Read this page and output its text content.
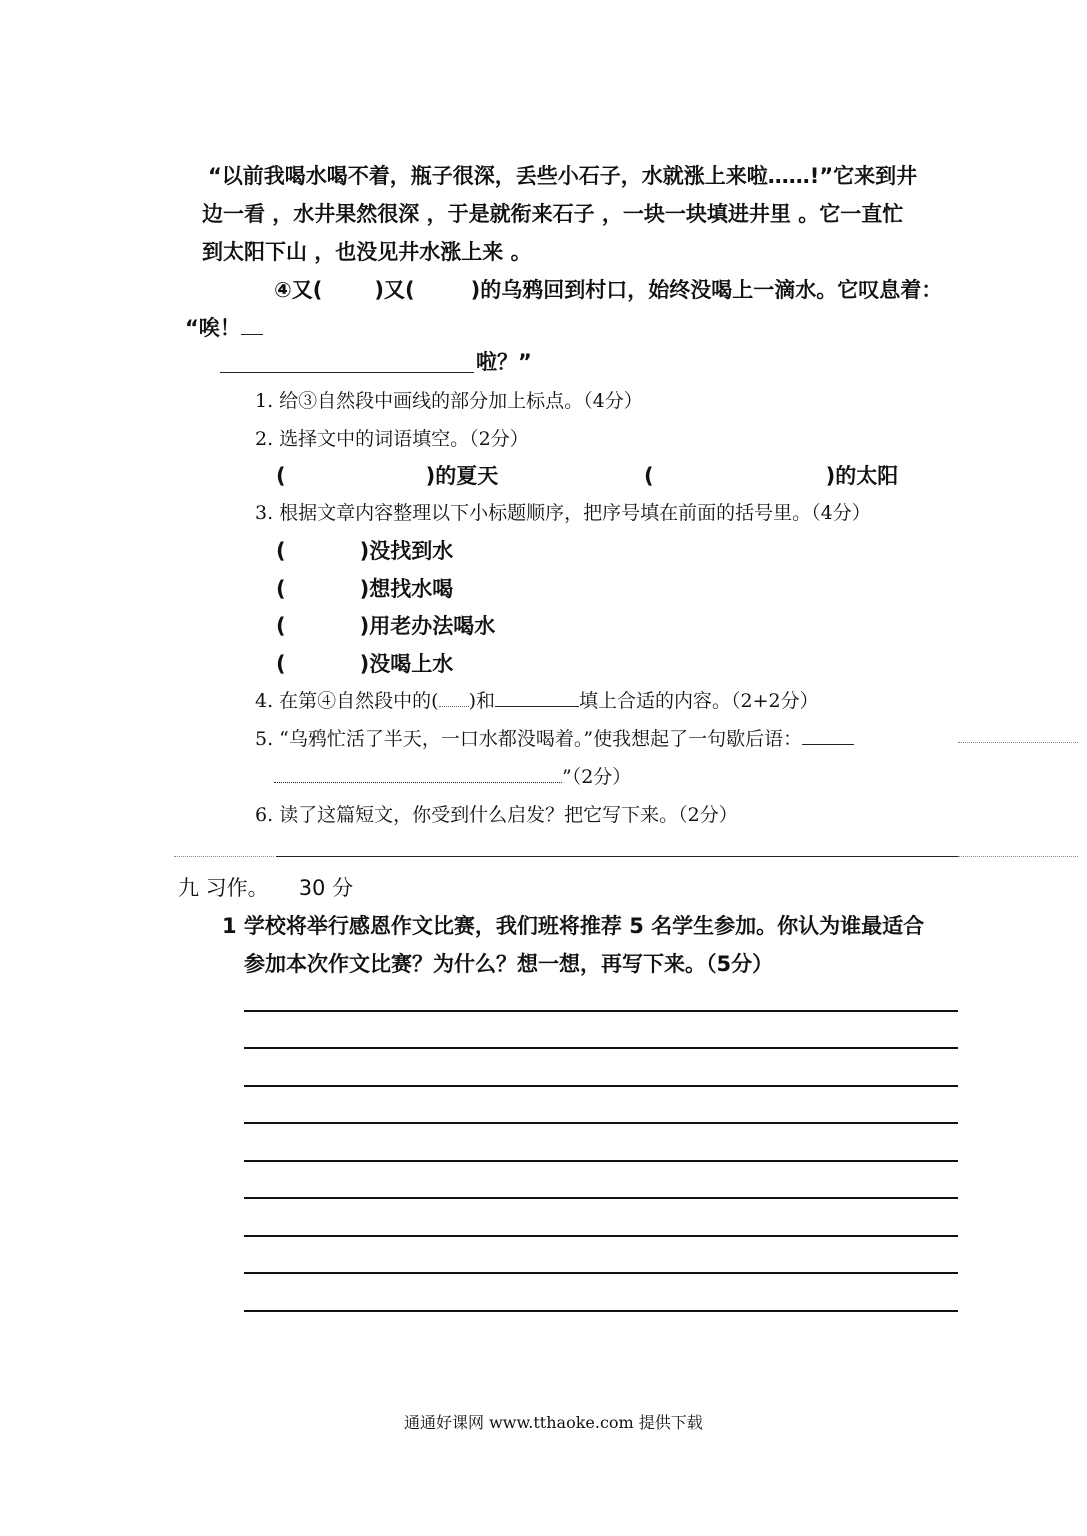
“以前我喝水喝不着，瓶子很深，丢些小石子，水就涨上来啦……!”它来到井
边一看 ，水井果然很深 ，于是就衔来石子 ，一块一块填进井里 。它一直忙
到太阳下山 ，也没见井水涨上来 。
④又( )又(	)的乌鸦回到村口，始终没喝上一滴水。它叹息着：
“唉！
啦？”
1. 给③自然段中画线的部分加上标点。（4分）
2. 选择文中的词语填空。（2分）
(	)的夏天	(	)的太阳
3. 根据文章内容整理以下小标题顺序，把序号填在前面的括号里。（4分）
(	)没找到水
(	)想找水喝
(	)用老办法喝水
(	)没喝上水
4. 在第④自然段中的( )和	填上合适的内容。（2+2分）
5. “乌鸦忙活了半天，一口水都没喝着。”使我想起了一句歇后语：
”（2分）
6. 读了这篇短文，你受到什么启发？把它写下来。（2分）
九 习作。 30 分
1 学校将举行感恩作文比赛，我们班将推荐 5 名学生参加。你认为谁最适合
参加本次作文比赛？为什么？想一想，再写下来。（5分）
通通好课网 www.tthaoke.com 提供下载
